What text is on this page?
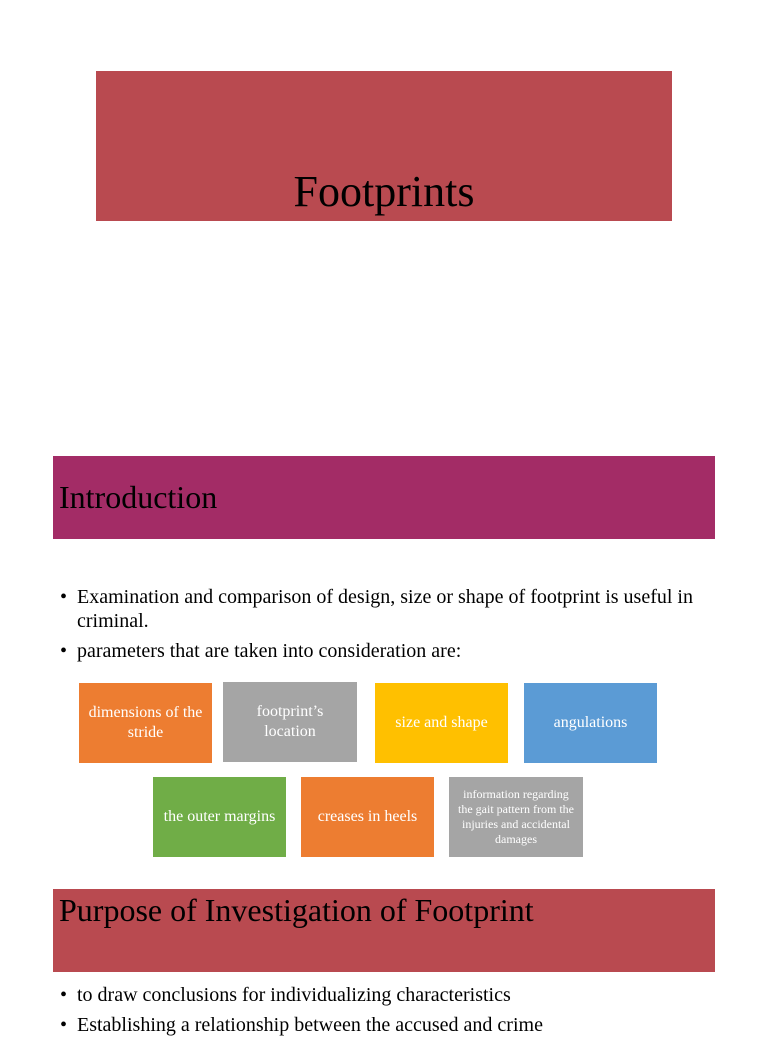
Footprints
Introduction
• Examination and comparison of design, size or shape of footprint is useful in criminal.
• parameters that are taken into consideration are:
dimensions of the stride
footprint’s location
size and shape	angulations
the outer margins	creases in heels
information regarding the gait pattern from the injuries and accidental damages
Purpose of Investigation of Footprint
• to draw conclusions for individualizing characteristics
• Establishing a relationship between the accused and crime
